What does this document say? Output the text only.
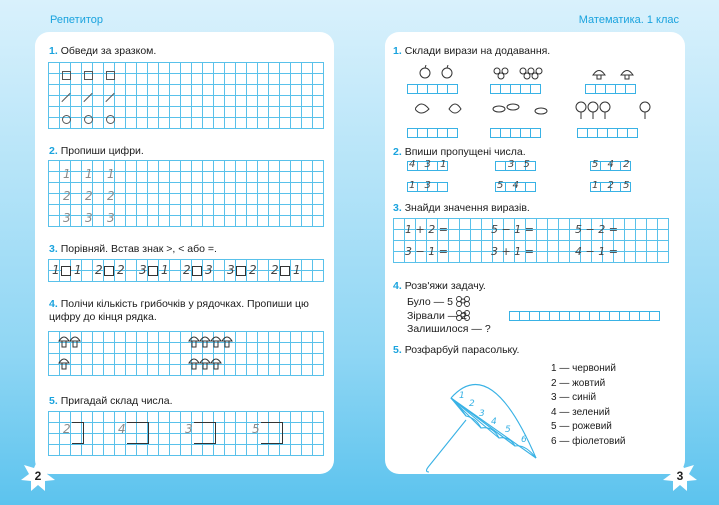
Репетитор	Математика. 1 клас
1. Обведи за зразком.
2. Пропиши цифри.
1 1 1
2 2 2
3 3 3
3. Порівняй. Встав знак >, < або =.
1 1 2 2 3 1 2 3 3 2 2 1
4. Полічи кількість грибочків у рядочках. Пропиши цю цифру до кінця рядка.
5. Пригадай склад числа.
2	4	3	5
1. Склади вирази на додавання.
2. Впиши пропущені числа.
4 3 1	3 5	5 4 2
1 3	5 4	1 2 5
3. Знайди значення виразів.
1 + 2 =	5 − 1 =	5 − 2 =
3 − 1 =	3 + 1 =	4 − 1 =
4. Розв'яжи задачу.
Було — 5
Зірвали — 2
Залишилося — ?
5. Розфарбуй парасольку.
1
2
3
4
5
6
1 — червоний
2 — жовтий
3 — синій
4 — зелений
5 — рожевий
6 — фіолетовий
2	3
